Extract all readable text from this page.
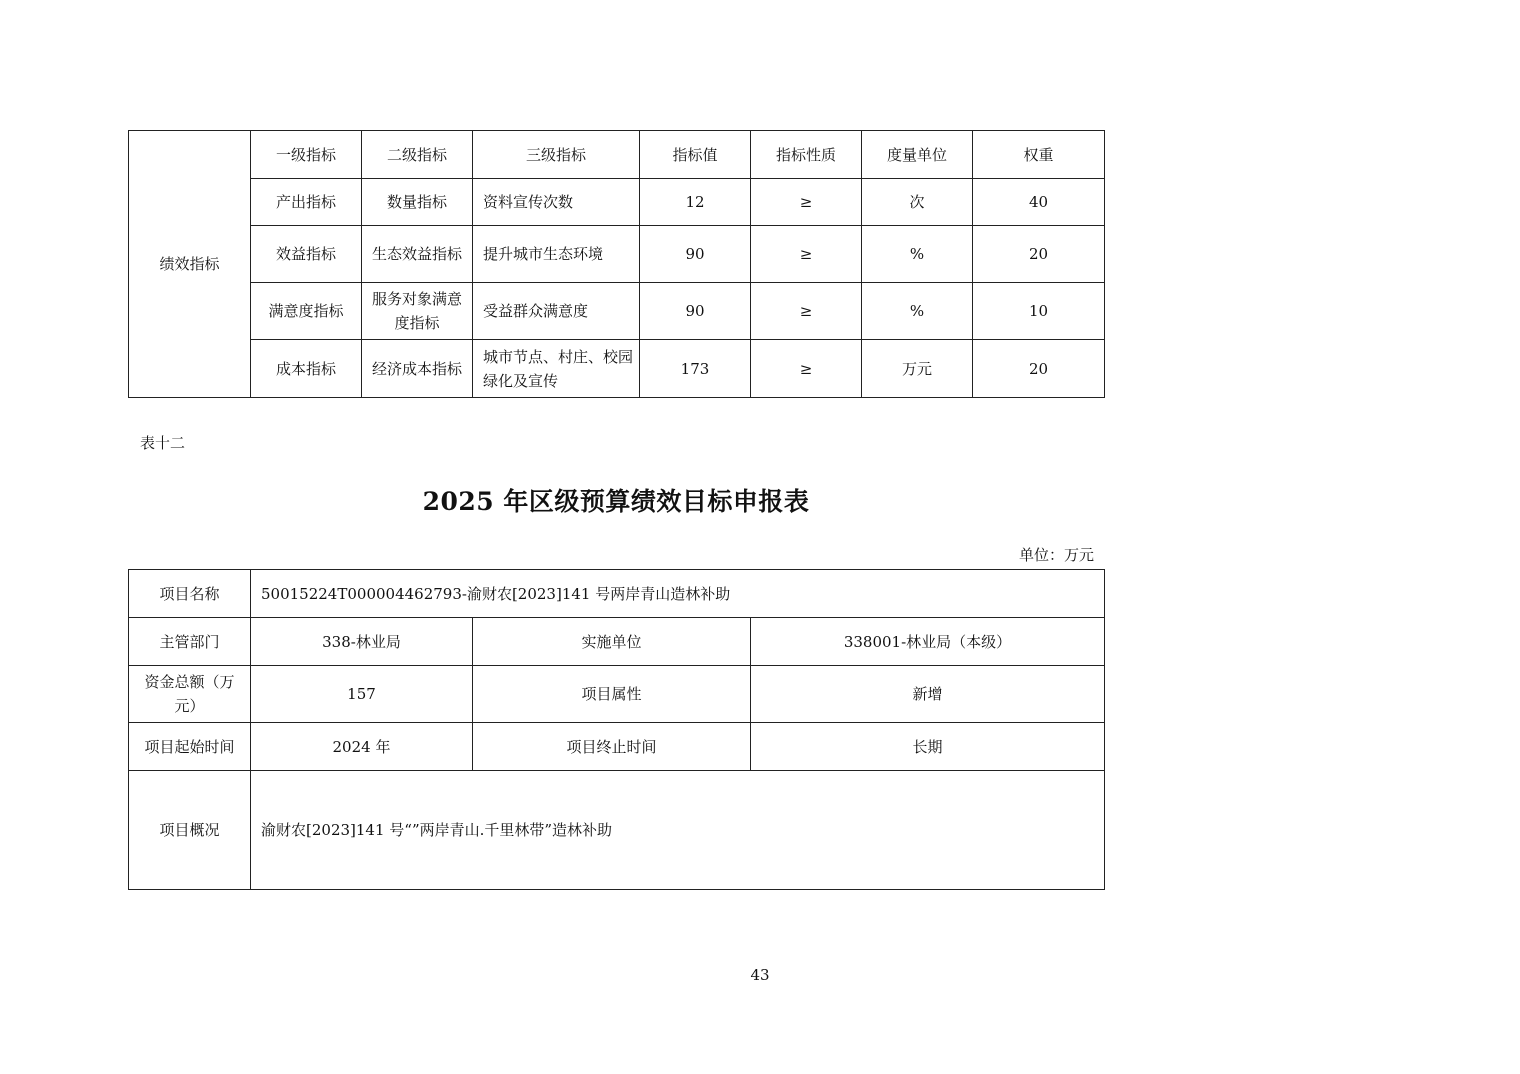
绩效指标	一级指标	二级指标	三级指标	指标值	指标性质	度量单位	权重
	产出指标	数量指标	资料宣传次数	12	≥	次	40
	效益指标	生态效益指标	提升城市生态环境	90	≥	%	20
	满意度指标	服务对象满意度指标	受益群众满意度	90	≥	%	10
	成本指标	经济成本指标	城市节点、村庄、校园绿化及宣传	173	≥	万元	20
表十二
2025 年区级预算绩效目标申报表
单位：万元
项目名称	50015224T000004462793-渝财农[2023]141 号两岸青山造林补助		
主管部门	338-林业局	实施单位	338001-林业局（本级）
资金总额（万元）	157	项目属性	新增
项目起始时间	2024 年	项目终止时间	长期
项目概况	渝财农[2023]141 号“”两岸青山.千里林带”造林补助		
43
